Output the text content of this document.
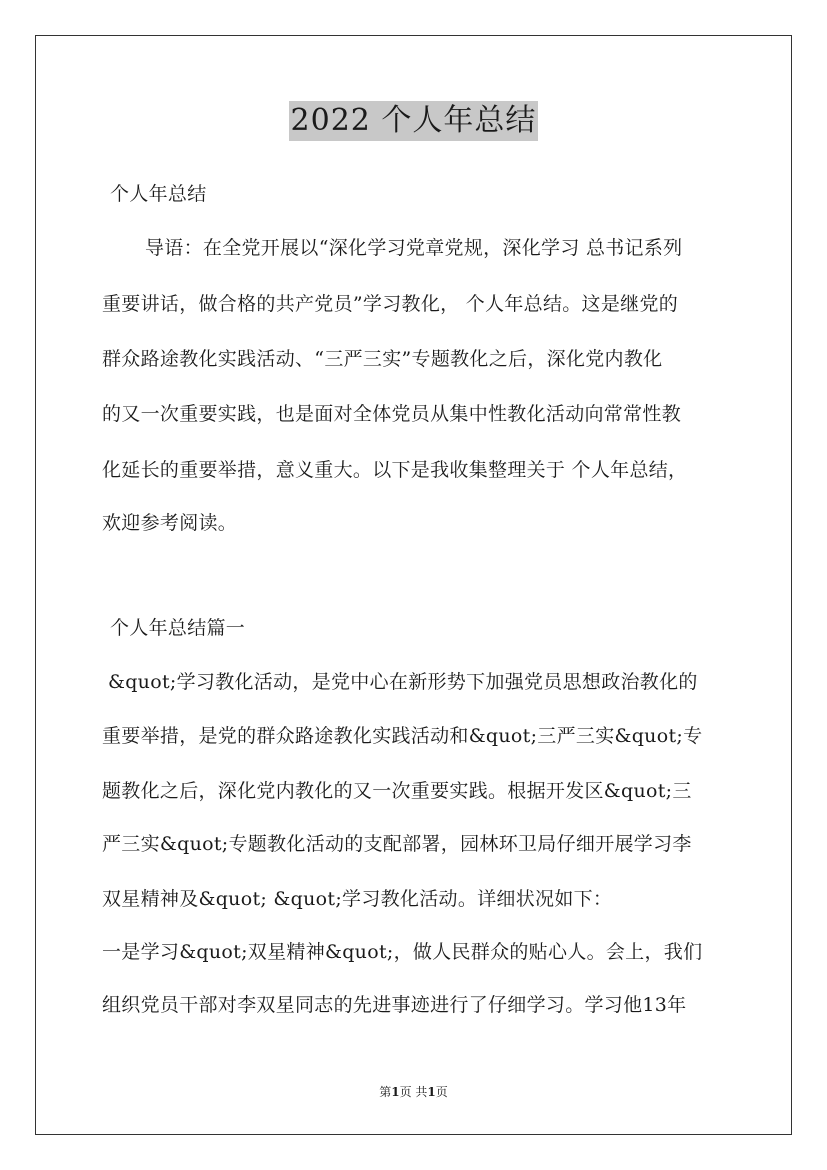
2022 个人年总结
个人年总结
导语：在全党开展以“深化学习党章党规，深化学习 总书记系列
重要讲话，做合格的共产党员”学习教化， 个人年总结。这是继党的
群众路途教化实践活动、“三严三实”专题教化之后，深化党内教化
的又一次重要实践，也是面对全体党员从集中性教化活动向常常性教
化延长的重要举措，意义重大。以下是我收集整理关于 个人年总结，
欢迎参考阅读。
个人年总结篇一
&quot;学习教化活动，是党中心在新形势下加强党员思想政治教化的
重要举措，是党的群众路途教化实践活动和&quot;三严三实&quot;专
题教化之后，深化党内教化的又一次重要实践。根据开发区&quot;三
严三实&quot;专题教化活动的支配部署，园林环卫局仔细开展学习李
双星精神及&quot; &quot;学习教化活动。详细状况如下：
一是学习&quot;双星精神&quot;，做人民群众的贴心人。会上，我们
组织党员干部对李双星同志的先进事迹进行了仔细学习。学习他13年
第1页 共1页
